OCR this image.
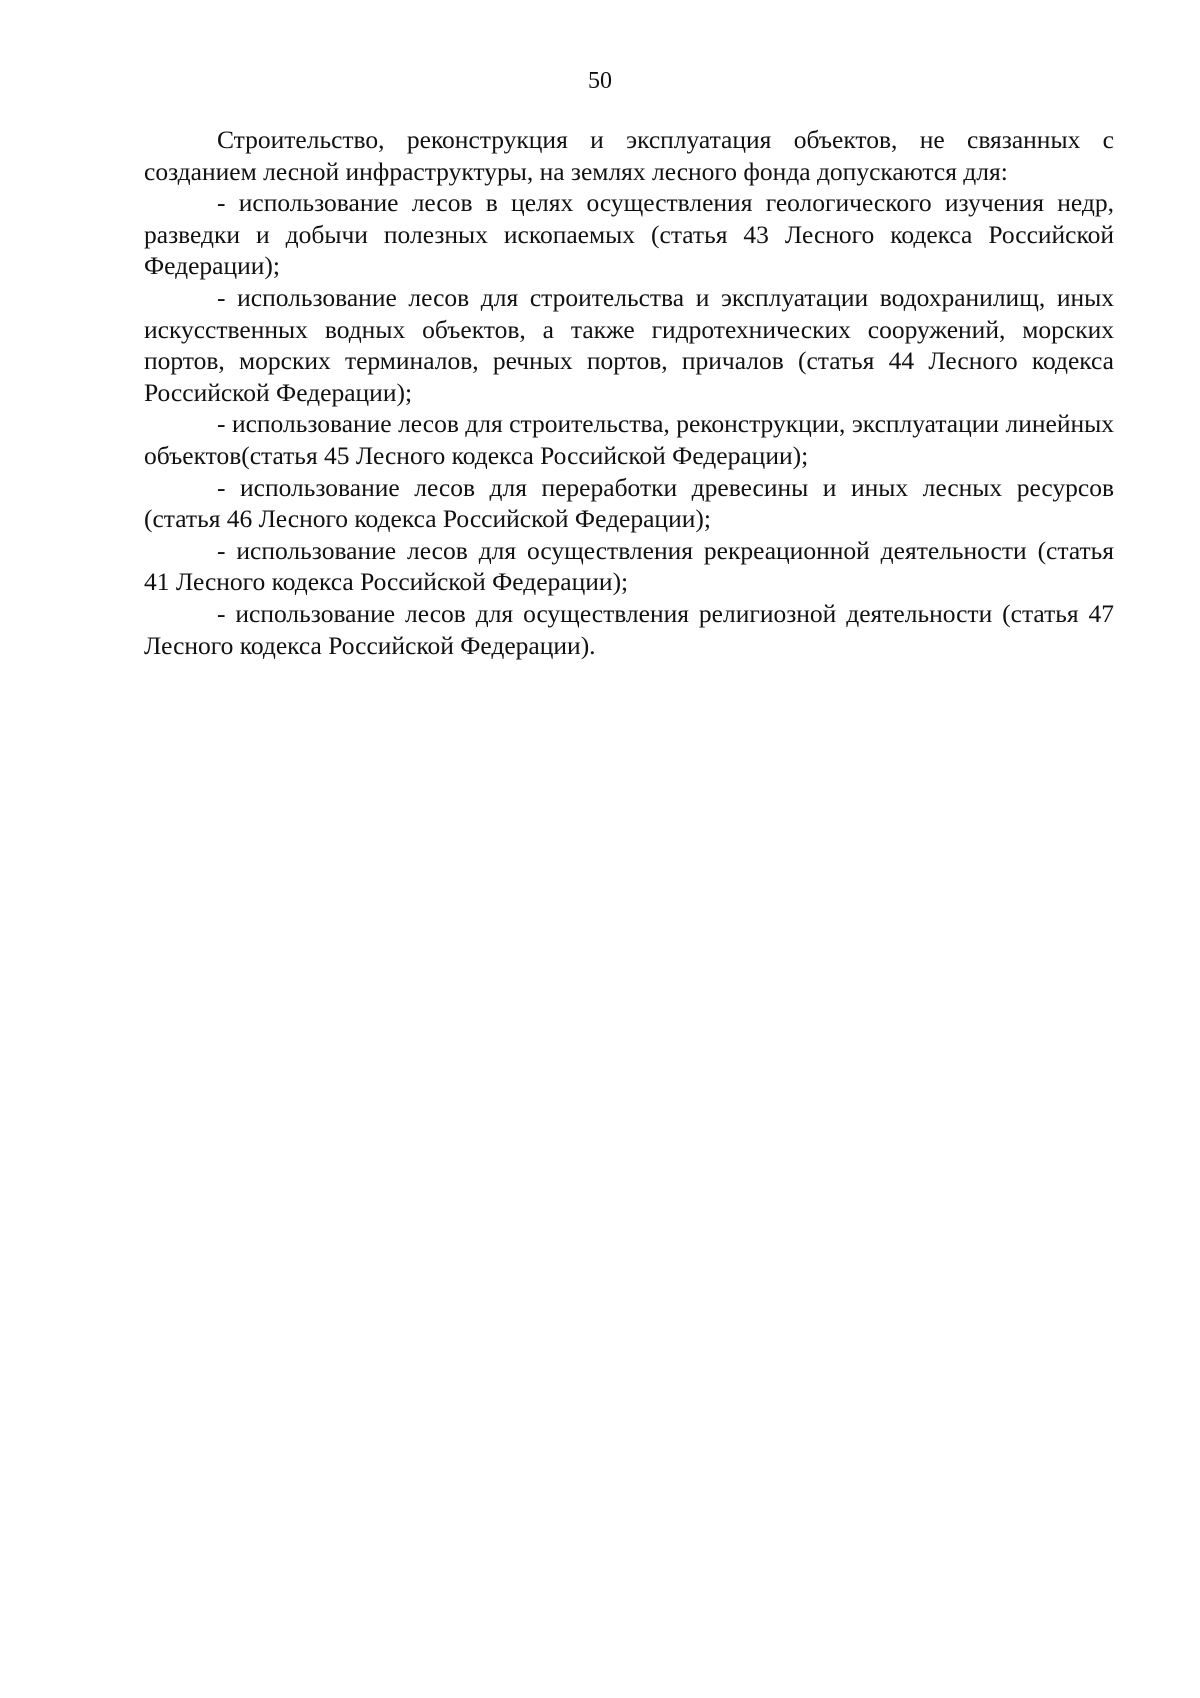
50

Строительство, реконструкция и эксплуатация объектов, не связанных с созданием лесной инфраструктуры, на землях лесного фонда допускаются для:

- использование лесов в целях осуществления геологического изучения недр, разведки и добычи полезных ископаемых (статья 43 Лесного кодекса Российской Федерации);

- использование лесов для строительства и эксплуатации водохранилищ, иных искусственных водных объектов, а также гидротехнических сооружений, морских портов, морских терминалов, речных портов, причалов (статья 44 Лесного кодекса Российской Федерации);

- использование лесов для строительства, реконструкции, эксплуатации линейных объектов(статья 45 Лесного кодекса Российской Федерации);

- использование лесов для переработки древесины и иных лесных ресурсов (статья 46 Лесного кодекса Российской Федерации);

- использование лесов для осуществления рекреационной деятельности (статья 41 Лесного кодекса Российской Федерации);

- использование лесов для осуществления религиозной деятельности (статья 47 Лесного кодекса Российской Федерации).
